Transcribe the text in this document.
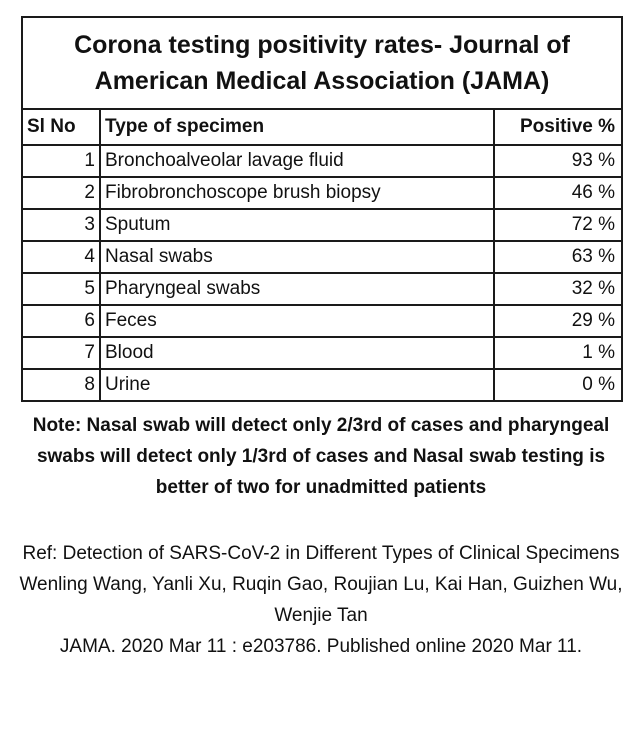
Corona testing positivity rates- Journal of American Medical Association (JAMA)		
Sl No	Type of specimen	Positive %
1	Bronchoalveolar lavage fluid	93 %
2	Fibrobronchoscope brush biopsy	46 %
3	Sputum	72 %
4	Nasal swabs	63 %
5	Pharyngeal swabs	32 %
6	Feces	29 %
7	Blood	1 %
8	Urine	0 %
Note: Nasal swab will detect only 2/3rd of cases and pharyngeal swabs will detect only 1/3rd of cases and Nasal swab testing is better of two for unadmitted patients

Ref: Detection of SARS-CoV-2 in Different Types of Clinical Specimens

Wenling Wang, Yanli Xu, Ruqin Gao, Roujian Lu, Kai Han, Guizhen Wu, Wenjie Tan

JAMA. 2020 Mar 11 : e203786. Published online 2020 Mar 11.
